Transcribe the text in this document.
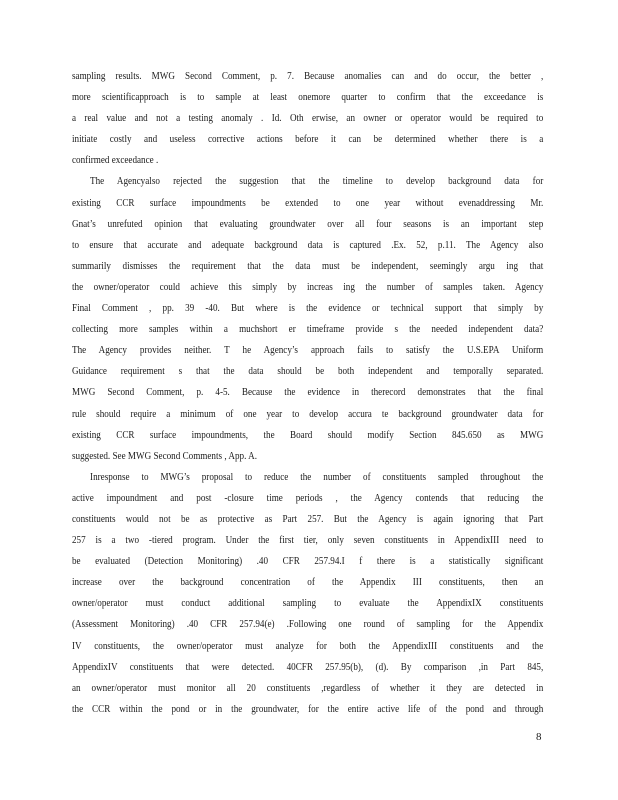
sampling results. MWG Second Comment, p. 7. Because anomalies can and do occur, the better ,
more scientificapproach is to sample at least onemore quarter to confirm that the exceedance is
a real value and not a testing anomaly . Id. Oth erwise, an owner or operator would be required to
initiate costly and useless corrective actions before it can be determined whether there is a
confirmed exceedance .
The Agencyalso rejected the suggestion that the timeline to develop background data for
existing CCR surface impoundments be extended to one year without evenaddressing Mr.
Gnat’s unrefuted opinion that evaluating groundwater over all four seasons is an important step
to ensure that accurate and adequate background data is captured .Ex. 52, p.11. The Agency also
summarily dismisses the requirement that the data must be independent, seemingly argu ing that
the owner/operator could achieve this simply by increas ing the number of samples taken. Agency
Final Comment , pp. 39 -40. But where is the evidence or technical support that simply by
collecting more samples within a muchshort er timeframe provide s the needed independent data?
The Agency provides neither. T he Agency’s approach fails to satisfy the U.S.EPA Uniform
Guidance requirement s that the data should be both independent and temporally separated.
MWG Second Comment, p. 4-5. Because the evidence in therecord demonstrates that the final
rule should require a minimum of one year to develop accura te background groundwater data for
existing CCR surface impoundments, the Board should modify Section 845.650 as MWG
suggested. See MWG Second Comments , App. A.
Inresponse to MWG’s proposal to reduce the number of constituents sampled throughout the
active impoundment and post -closure time periods , the Agency contends that reducing the
constituents would not be as protective as Part 257. But the Agency is again ignoring that Part
257 is a two -tiered program. Under the first tier, only seven constituents in AppendixIII need to
be evaluated (Detection Monitoring) .40 CFR 257.94.I f there is a statistically significant
increase over the background concentration of the Appendix III constituents, then an
owner/operator must conduct additional sampling to evaluate the AppendixIX constituents
(Assessment Monitoring) .40 CFR 257.94(e) .Following one round of sampling for the Appendix
IV constituents, the owner/operator must analyze for both the AppendixIII constituents and the
AppendixIV constituents that were detected. 40CFR 257.95(b), (d). By comparison ,in Part 845,
an owner/operator must monitor all 20 constituents ,regardless of whether it they are detected in
the CCR within the pond or in the groundwater, for the entire active life of the pond and through
8
